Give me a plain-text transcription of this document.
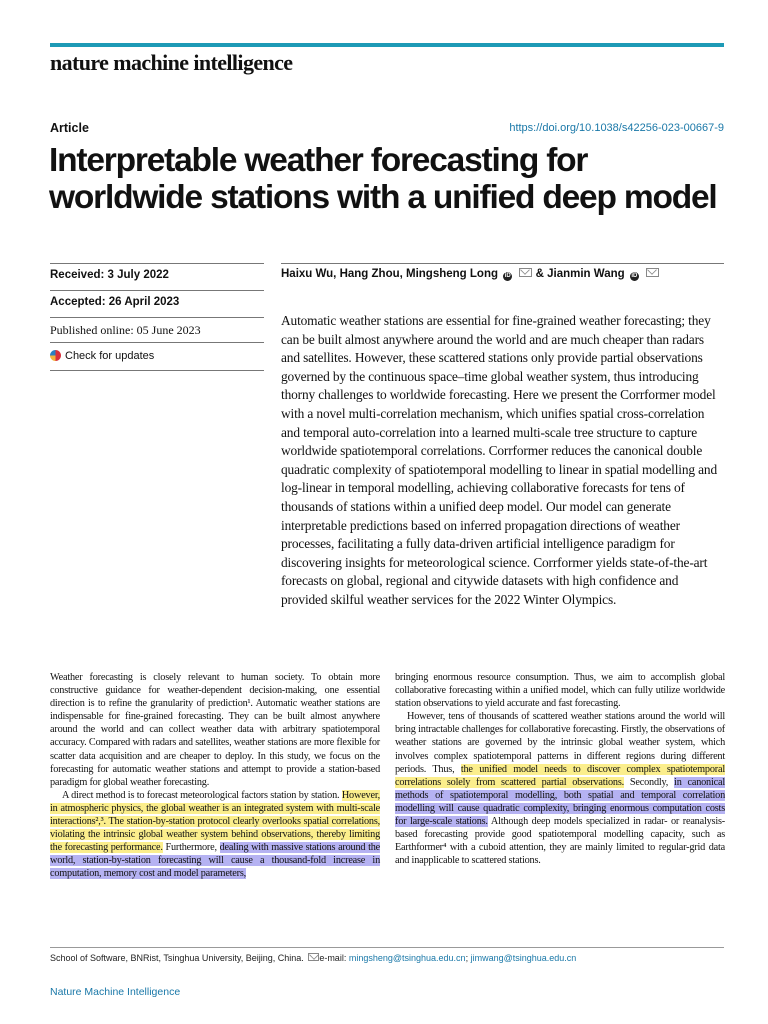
nature machine intelligence
Article	https://doi.org/10.1038/s42256-023-00667-9
Interpretable weather forecasting for worldwide stations with a unified deep model
Received: 3 July 2022
Accepted: 26 April 2023
Published online: 05 June 2023
Check for updates
Haixu Wu, Hang Zhou, Mingsheng Long iD & Jianmin Wang iD

Automatic weather stations are essential for fine-grained weather forecasting; they can be built almost anywhere around the world and are much cheaper than radars and satellites. However, these scattered stations only provide partial observations governed by the continuous space–time global weather system, thus introducing thorny challenges to worldwide forecasting. Here we present the Corrformer model with a novel multi-correlation mechanism, which unifies spatial cross-correlation and temporal auto-correlation into a learned multi-scale tree structure to capture worldwide spatiotemporal correlations. Corrformer reduces the canonical double quadratic complexity of spatiotemporal modelling to linear in spatial modelling and log-linear in temporal modelling, achieving collaborative forecasts for tens of thousands of stations within a unified deep model. Our model can generate interpretable predictions based on inferred propagation directions of weather processes, facilitating a fully data-driven artificial intelligence paradigm for discovering insights for meteorological science. Corrformer yields state-of-the-art forecasts on global, regional and citywide datasets with high confidence and provided skilful weather services for the 2022 Winter Olympics.

Weather forecasting is closely relevant to human society. To obtain more constructive guidance for weather-dependent decision-making, one essential direction is to refine the granularity of prediction¹. Automatic weather stations are indispensable for fine-grained forecasting. They can be built almost anywhere around the world and can collect weather data with arbitrary spatiotemporal accuracy. Compared with radars and satellites, weather stations are more flexible for scatter data acquisition and are cheaper to deploy. In this study, we focus on the forecasting for automatic weather stations and attempt to provide a station-based paradigm for global weather forecasting.

A direct method is to forecast meteorological factors station by station. However, in atmospheric physics, the global weather is an integrated system with multi-scale interactions²,³. The station-by-station protocol clearly overlooks spatial correlations, violating the intrinsic global weather system behind observations, thereby limiting the forecasting performance. Furthermore, dealing with massive stations around the world, station-by-station forecasting will cause a thousand-fold increase in computation, memory cost and model parameters,

bringing enormous resource consumption. Thus, we aim to accomplish global collaborative forecasting within a unified model, which can fully utilize worldwide station observations to yield accurate and fast forecasting.

However, tens of thousands of scattered weather stations around the world will bring intractable challenges for collaborative forecasting. Firstly, the observations of weather stations are governed by the intrinsic global weather system, which involves complex spatiotemporal patterns in different regions during different periods. Thus, the unified model needs to discover complex spatiotemporal correlations solely from scattered partial observations. Secondly, in canonical methods of spatiotemporal modelling, both spatial and temporal correlation modelling will cause quadratic complexity, bringing enormous computation costs for large-scale stations. Although deep models specialized in radar- or reanalysis-based forecasting provide good spatiotemporal modelling capacity, such as Earthformer⁴ with a cuboid attention, they are mainly limited to regular-grid data and inapplicable to scattered stations.

School of Software, BNRist, Tsinghua University, Beijing, China. e-mail: mingsheng@tsinghua.edu.cn; jimwang@tsinghua.edu.cn
Nature Machine Intelligence
